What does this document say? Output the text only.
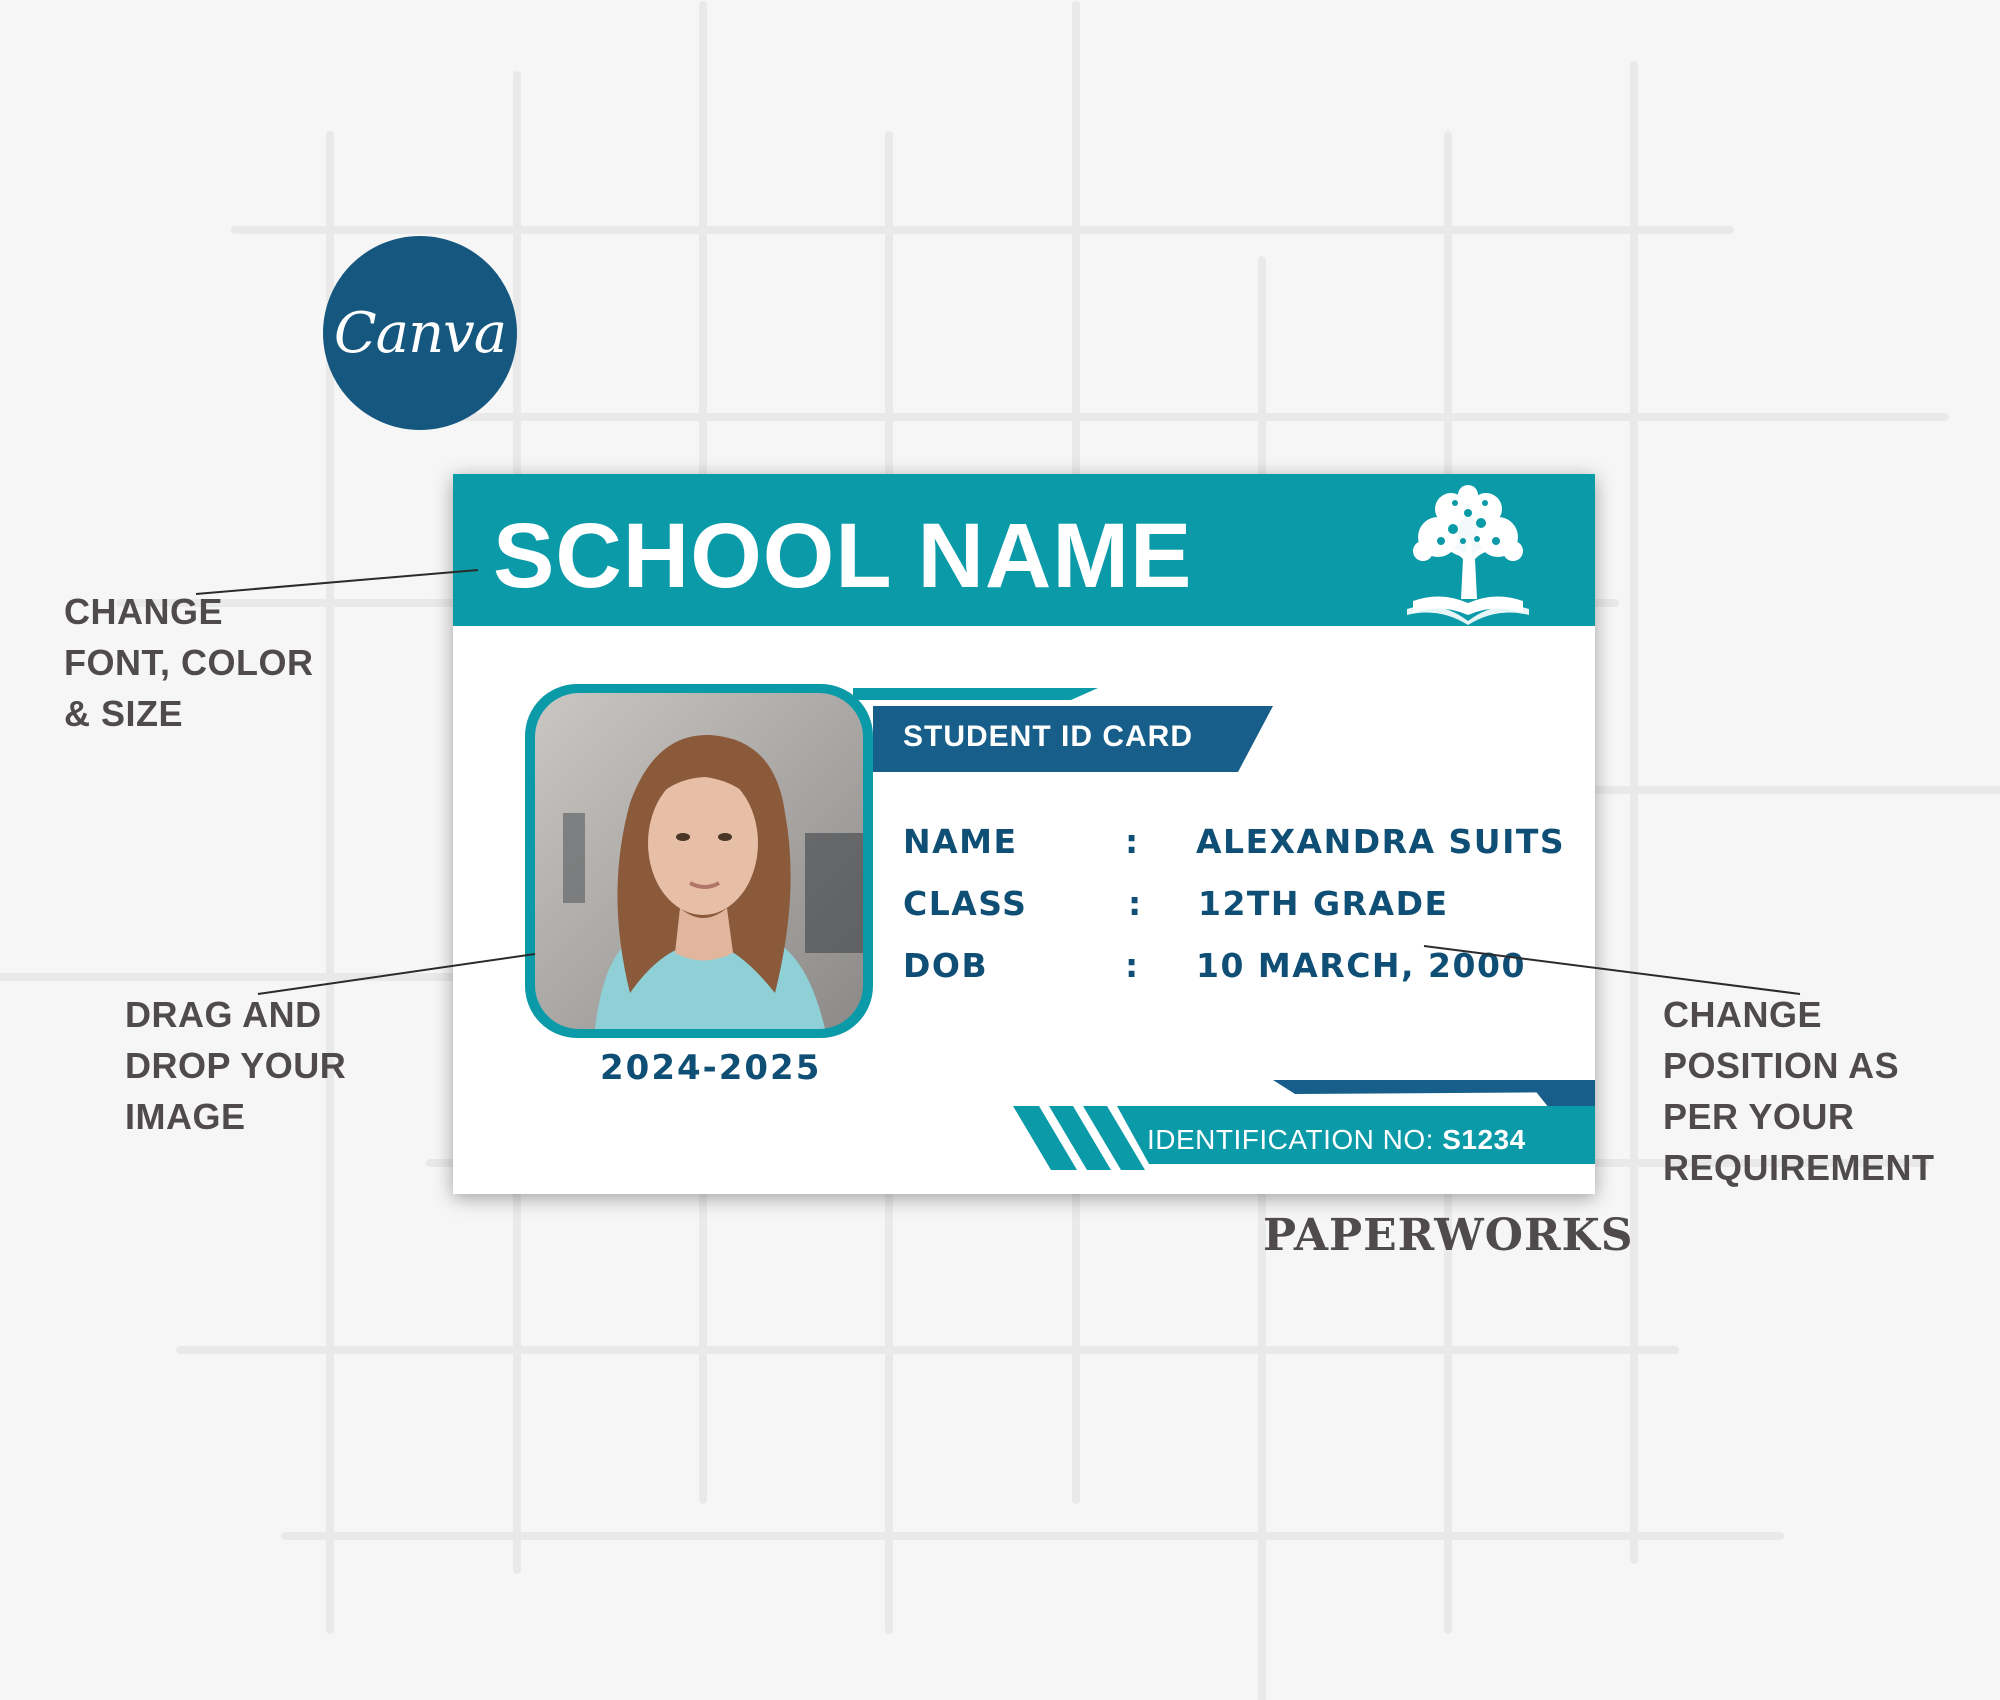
Canva
CHANGE
FONT, COLOR
& SIZE
DRAG AND
DROP YOUR
IMAGE
CHANGE
POSITION AS
PER YOUR
REQUIREMENT
SCHOOL NAME
STUDENT ID CARD
NAME	: ALEXANDRA SUITS
CLASS	: 12TH GRADE
DOB	: 10 MARCH, 2000
2024-2025
IDENTIFICATION NO: S1234
PAPERWORKS
